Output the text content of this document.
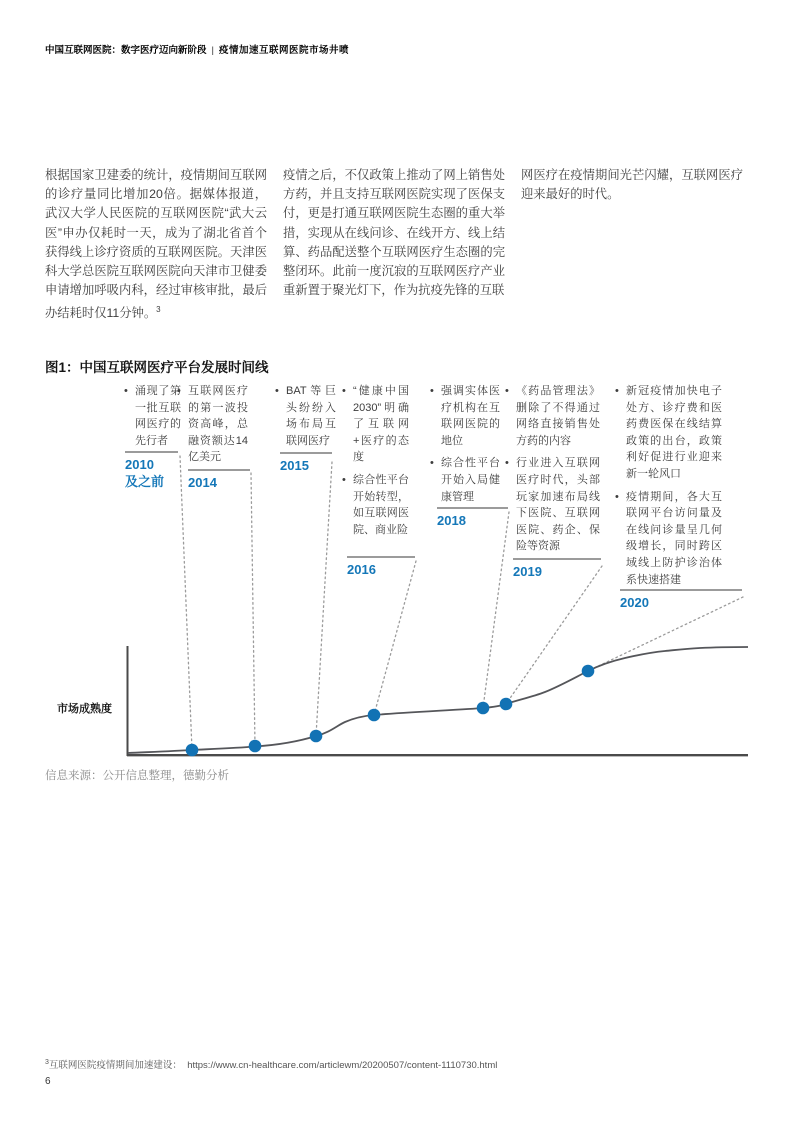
中国互联网医院：数字医疗迈向新阶段 | 疫情加速互联网医院市场井喷
根据国家卫建委的统计，疫情期间互联网的诊疗量同比增加20倍。据媒体报道，武汉大学人民医院的互联网医院“武大云医”申办仅耗时一天，成为了湖北省首个获得线上诊疗资质的互联网医院。天津医科大学总医院互联网医院向天津市卫健委申请增加呼吸内科，经过审核审批，最后办结耗时仅11分钟。$^3$
疫情之后，不仅政策上推动了网上销售处方药，并且支持互联网医院实现了医保支付，更是打通互联网医院生态圈的重大举措，实现从在线问诊、在线开方、线上结算、药品配送整个互联网医疗生态圈的完整闭环。此前一度沉寂的互联网医疗产业重新置于聚光灯下，作为抗疫先锋的互联
网医疗在疫情期间光芒闪耀，互联网医疗迎来最好的时代。
图1：中国互联网医疗平台发展时间线
• 涌现了第一批互联网医疗的先行者
• 互联网医疗的第一波投资高峰，总融资额达14亿美元
• BAT等巨头纷纷入场布局互联网医疗
• “健康中国2030”明确了互联网+医疗的态度
• 综合性平台开始转型，如互联网医院、商业险
• 强调实体医疗机构在互联网医院的地位
• 综合性平台开始入局健康管理
• 《药品管理法》删除了不得通过网络直接销售处方药的内容
• 行业进入互联网医疗时代，头部玩家加速布局线下医院、互联网医院、药企、保险等资源
• 新冠疫情加快电子处方、诊疗费和医药费医保在线结算政策的出台，政策利好促进行业迎来新一轮风口
• 疫情期间，各大互联网平台访问量及在线问诊量呈几何级增长，同时跨区域线上防护诊治体系快速搭建
2010
及之前	2014
2015
2016
2018
2019
2020
市场成熟度
信息来源：公开信息整理，德勤分析
$^3$互联网医院疫情期间加速建设： https://www.cn-healthcare.com/articlewm/20200507/content-1110730.html
6
